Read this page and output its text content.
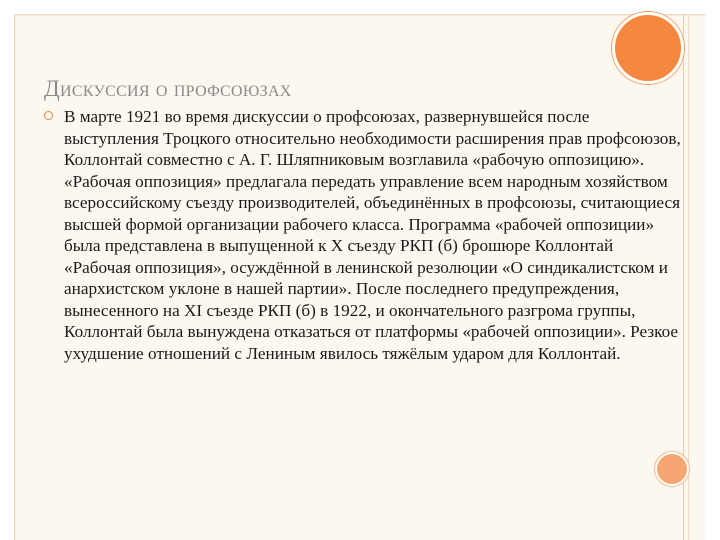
Дискуссия о профсоюзах
В марте 1921 во время дискуссии о профсоюзах, развернувшейся после выступления Троцкого относительно необходимости расширения прав профсоюзов, Коллонтай совместно с А. Г. Шляпниковым возглавила «рабочую оппозицию». «Рабочая оппозиция» предлагала передать управление всем народным хозяйством всероссийскому съезду производителей, объединённых в профсоюзы, считающиеся высшей формой организации рабочего класса. Программа «рабочей оппозиции» была представлена в выпущенной к Х съезду РКП (б) брошюре Коллонтай «Рабочая оппозиция», осуждённой в ленинской резолюции «О синдикалистском и анархистском уклоне в нашей партии». После последнего предупреждения, вынесенного на XI съезде РКП (б) в 1922, и окончательного разгрома группы, Коллонтай была вынуждена отказаться от платформы «рабочей оппозиции». Резкое ухудшение отношений с Лениным явилось тяжёлым ударом для Коллонтай.
